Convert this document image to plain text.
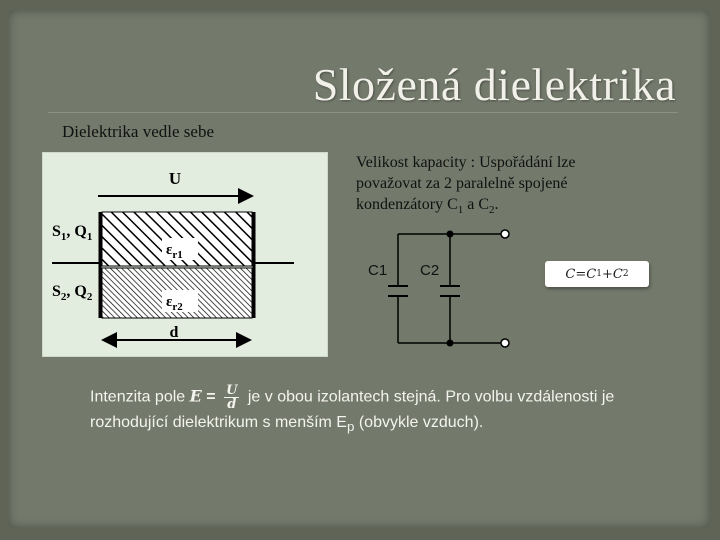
Složená dielektrika
Dielektrika vedle sebe
U
$\varepsilon_{r1}$
$\varepsilon_{r2}$
$S_1$, $Q_1$
$S_2$, $Q_2$
d
C1 C2
Velikost kapacity : Uspořádání lze považovat za 2 paralelně spojené kondenzátory $C_1$ a $C_2$.
C = C 1 + C 2
Intenzita pole $E = \frac{U}{d}$ je v obou izolantech stejná. Pro volbu vzdálenosti je rozhodující dielektrikum s menším $E_p$ (obvykle vzduch).
